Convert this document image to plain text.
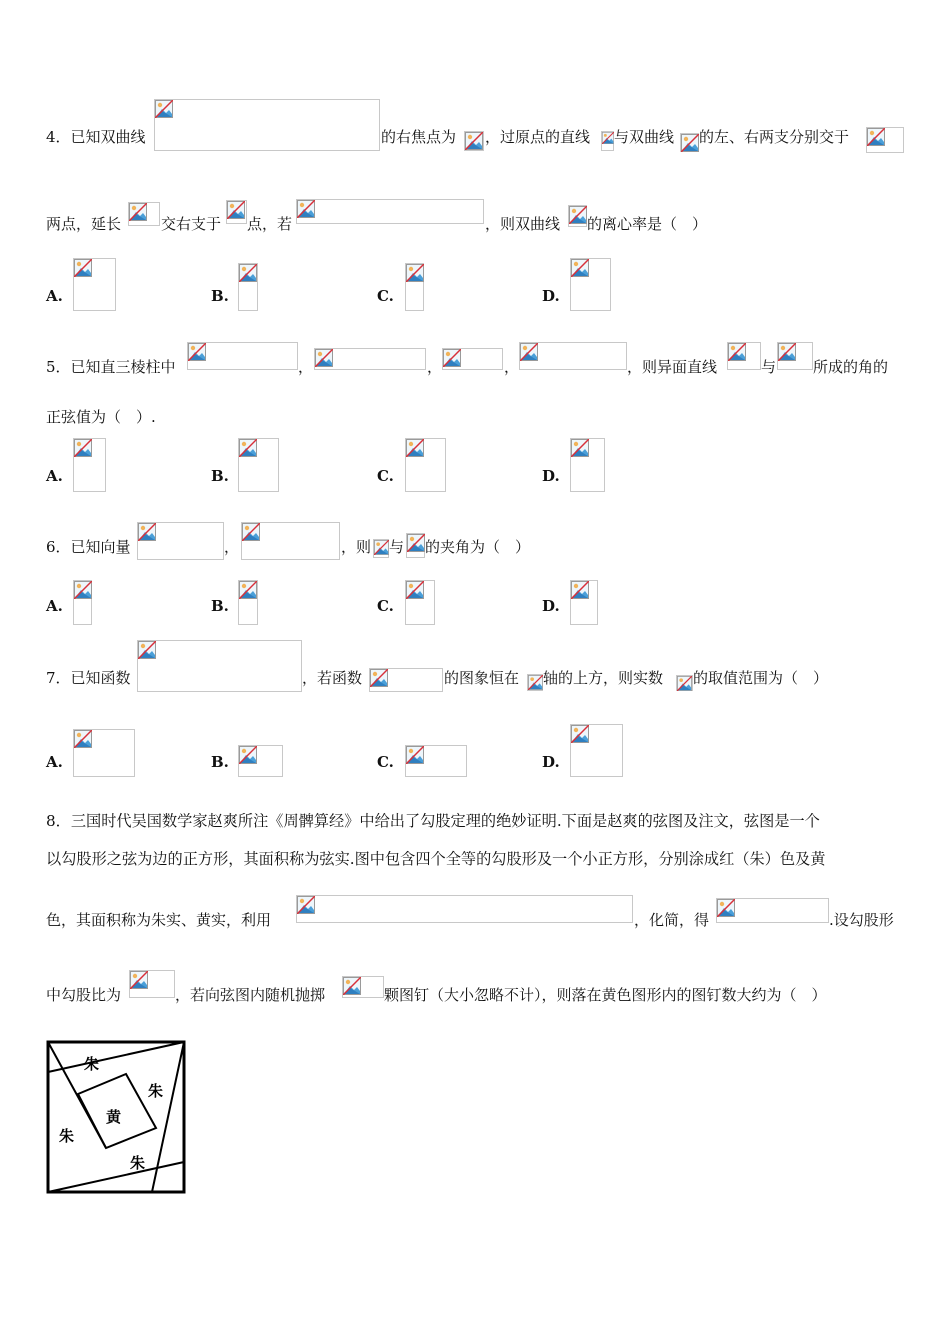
4．已知双曲线	的右焦点为 ，过原点的直线 与双曲线 的左、右两支分别交于
两点，延长	交右支于 点，若	，则双曲线 的离心率是（　）
A.	B.	C.	D.
5．已知直三棱柱中	，	，	，	，则异面直线	与 所成的角的
正弦值为（　）.
A.	B.	C.	D.
6．已知向量	，	，则 与 的夹角为（　）
A.	B.	C.	D.
7．已知函数	，若函数	的图象恒在 轴的上方，则实数 的取值范围为（　）
A.	B.	C.	D.
8．三国时代吴国数学家赵爽所注《周髀算经》中给出了勾股定理的绝妙证明.下面是赵爽的弦图及注文，弦图是一个
以勾股形之弦为边的正方形，其面积称为弦实.图中包含四个全等的勾股形及一个小正方形，分别涂成红（朱）色及黄
色，其面积称为朱实、黄实，利用	，化简，得	.设勾股形
中勾股比为	，若向弦图内随机抛掷	颗图钉（大小忽略不计），则落在黄色图形内的图钉数大约为（　）
朱
朱
黄
朱
朱
